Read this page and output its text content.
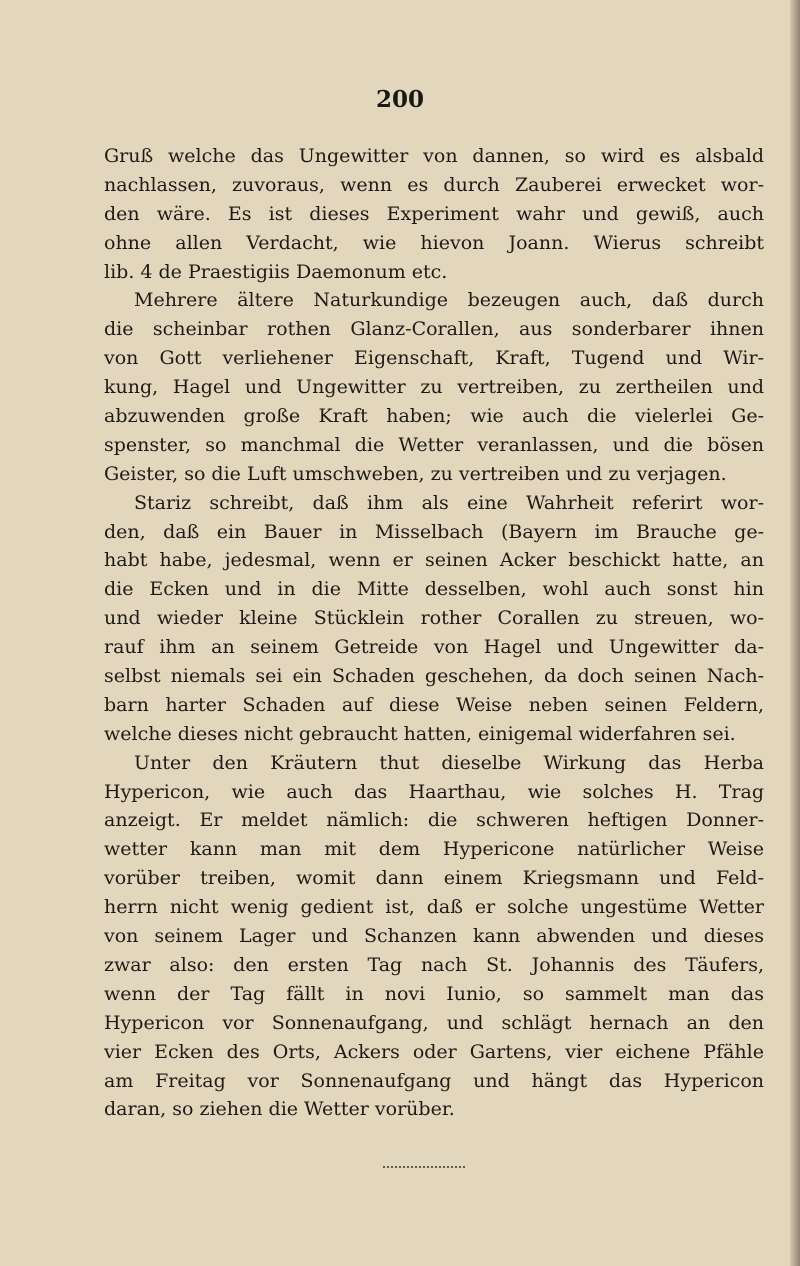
200
Gruß welche das Ungewitter von dannen, so wird es alsbald
nachlassen, zuvoraus, wenn es durch Zauberei erwecket wor-
den wäre. Es ist dieses Experiment wahr und gewiß, auch
ohne allen Verdacht, wie hievon Joann. Wierus schreibt
lib. 4 de Praestigiis Daemonum etc.
Mehrere ältere Naturkundige bezeugen auch, daß durch
die scheinbar rothen Glanz-Corallen, aus sonderbarer ihnen
von Gott verliehener Eigenschaft, Kraft, Tugend und Wir-
kung, Hagel und Ungewitter zu vertreiben, zu zertheilen und
abzuwenden große Kraft haben; wie auch die vielerlei Ge-
spenster, so manchmal die Wetter veranlassen, und die bösen
Geister, so die Luft umschweben, zu vertreiben und zu verjagen.
Stariz schreibt, daß ihm als eine Wahrheit referirt wor-
den, daß ein Bauer in Misselbach (Bayern im Brauche ge-
habt habe, jedesmal, wenn er seinen Acker beschickt hatte, an
die Ecken und in die Mitte desselben, wohl auch sonst hin
und wieder kleine Stücklein rother Corallen zu streuen, wo-
rauf ihm an seinem Getreide von Hagel und Ungewitter da-
selbst niemals sei ein Schaden geschehen, da doch seinen Nach-
barn harter Schaden auf diese Weise neben seinen Feldern,
welche dieses nicht gebraucht hatten, einigemal widerfahren sei.
Unter den Kräutern thut dieselbe Wirkung das Herba
Hypericon, wie auch das Haarthau, wie solches H. Trag
anzeigt. Er meldet nämlich: die schweren heftigen Donner-
wetter kann man mit dem Hypericone natürlicher Weise
vorüber treiben, womit dann einem Kriegsmann und Feld-
herrn nicht wenig gedient ist, daß er solche ungestüme Wetter
von seinem Lager und Schanzen kann abwenden und dieses
zwar also: den ersten Tag nach St. Johannis des Täufers,
wenn der Tag fällt in novi Iunio, so sammelt man das
Hypericon vor Sonnenaufgang, und schlägt hernach an den
vier Ecken des Orts, Ackers oder Gartens, vier eichene Pfähle
am Freitag vor Sonnenaufgang und hängt das Hypericon
daran, so ziehen die Wetter vorüber.
